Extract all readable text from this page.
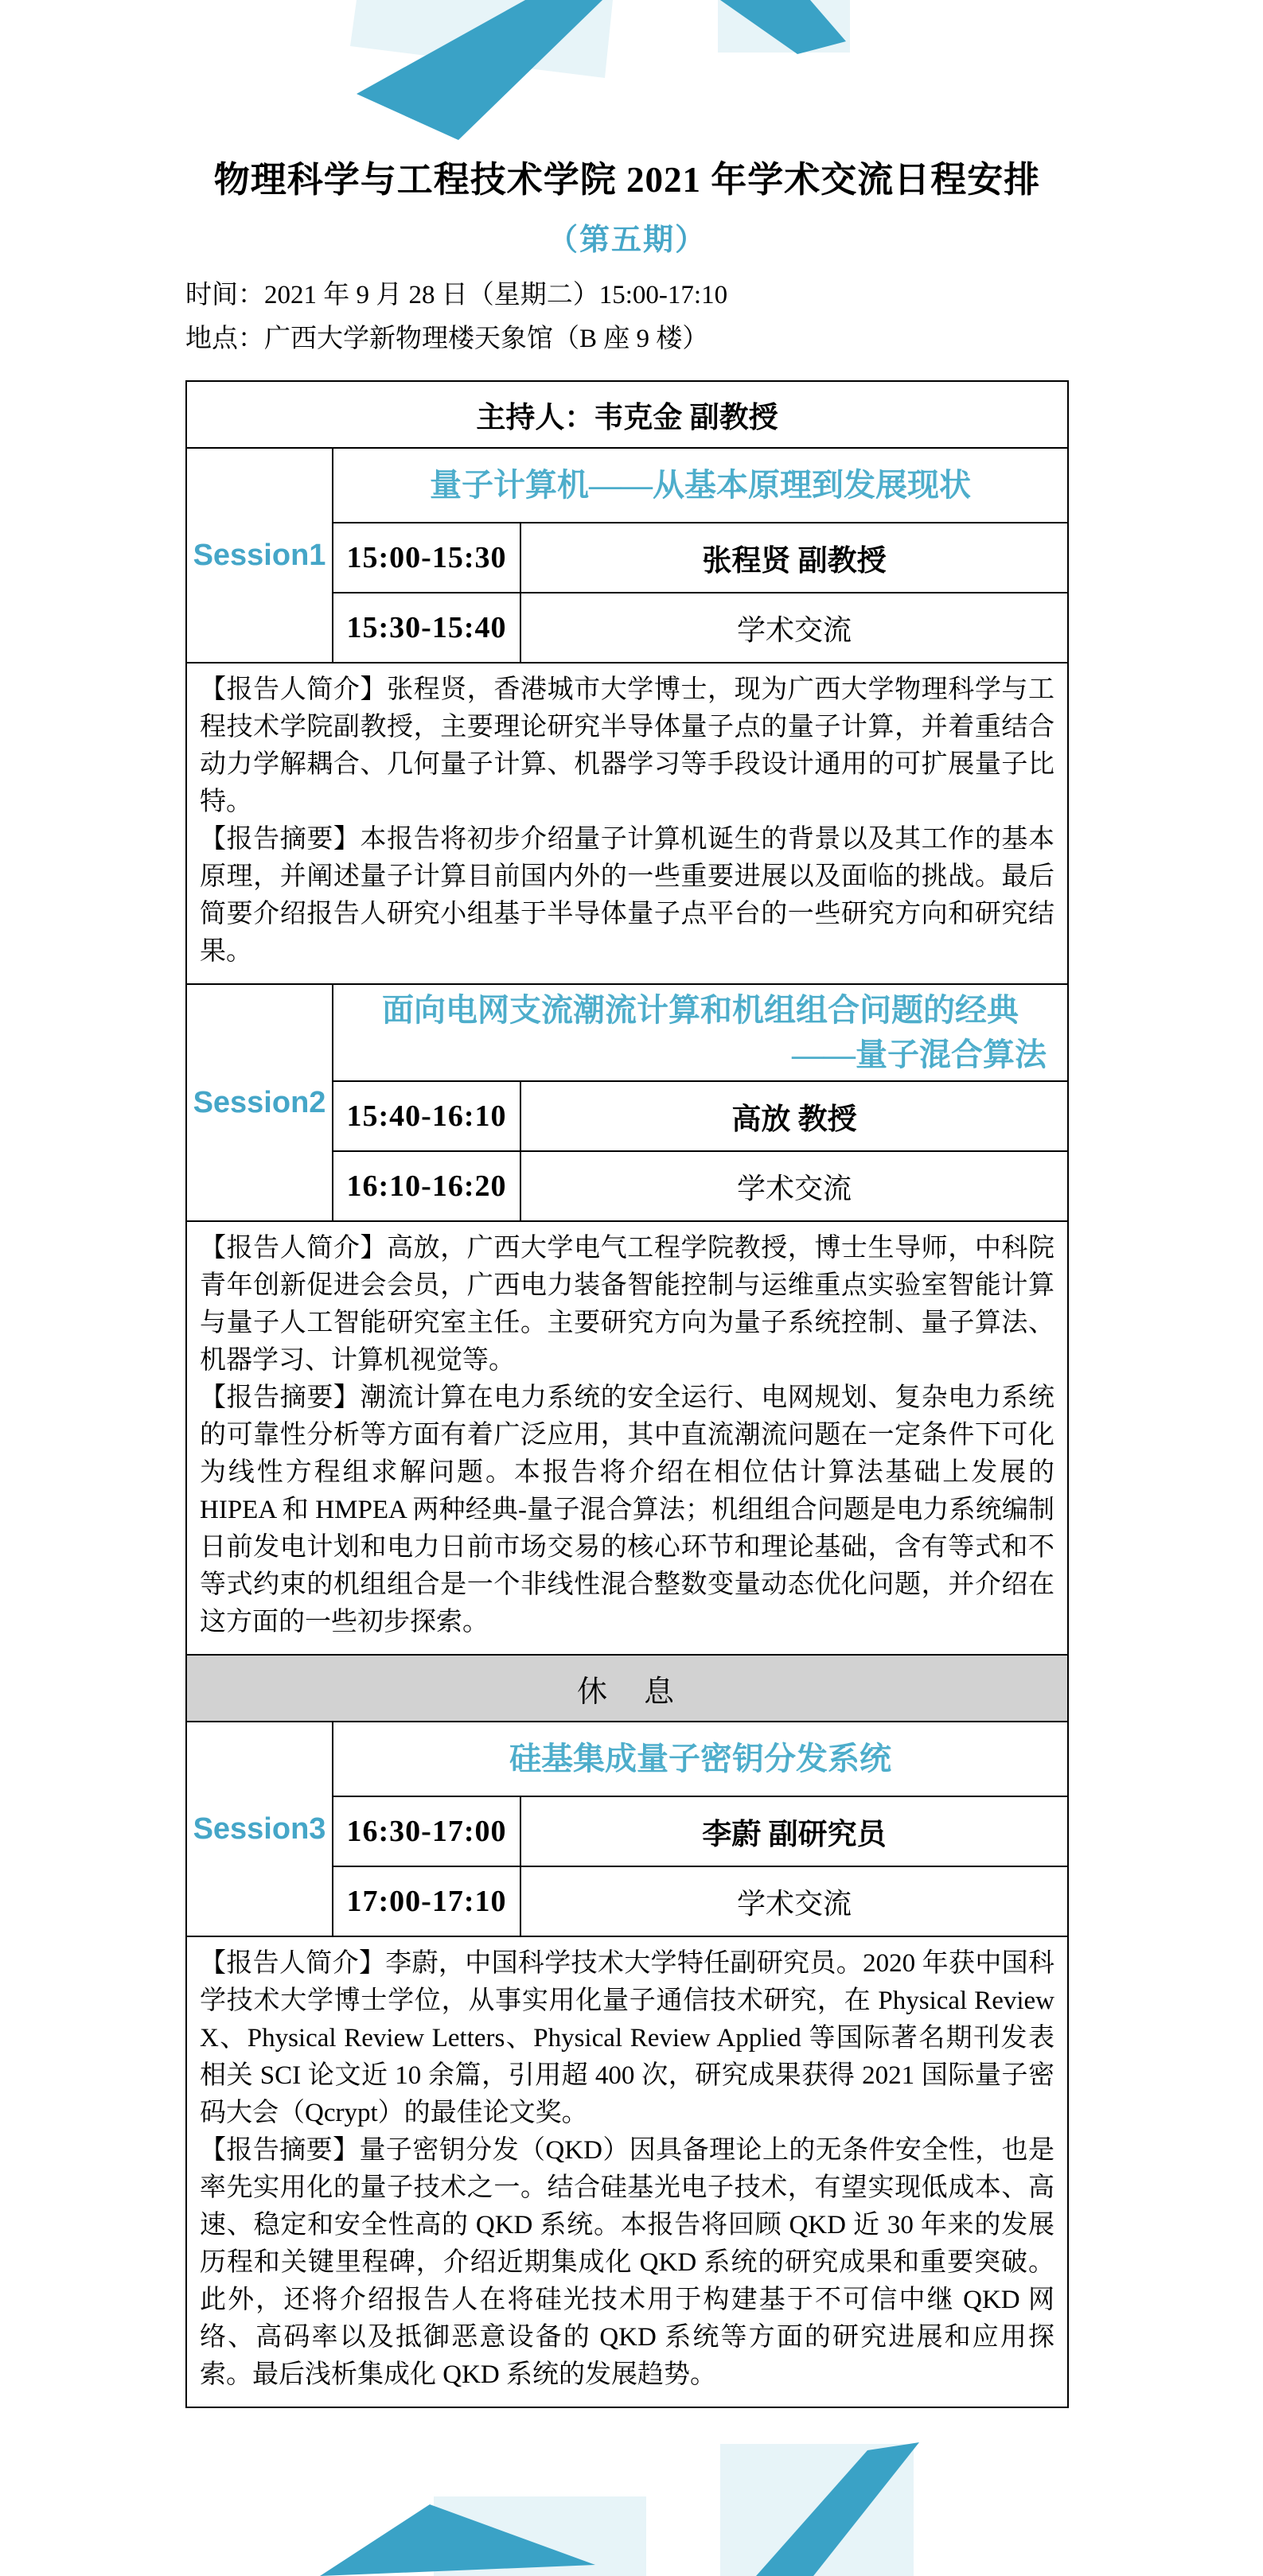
物理科学与工程技术学院 2021 年学术交流日程安排
（第五期）
时间：2021 年 9 月 28 日（星期二）15:00-17:10
地点：广西大学新物理楼天象馆（B 座 9 楼）
主持人：韦克金 副教授		
Session1	量子计算机——从基本原理到发展现状	

	15:00-15:30	张程贤 副教授
	15:30-15:40	学术交流

【报告人简介】张程贤，香港城市大学博士，现为广西大学物理科学与工程技术学院副教授，主要理论研究半导体量子点的量子计算，并着重结合动力学解耦合、几何量子计算、机器学习等手段设计通用的可扩展量子比特。

【报告摘要】本报告将初步介绍量子计算机诞生的背景以及其工作的基本原理，并阐述量子计算目前国内外的一些重要进展以及面临的挑战。最后简要介绍报告人研究小组基于半导体量子点平台的一些研究方向和研究结果。		

Session2	面向电网支流潮流计算和机组组合问题的经典
——量子混合算法	

	15:40-16:10	高放 教授
	16:10-16:20	学术交流

【报告人简介】高放，广西大学电气工程学院教授，博士生导师，中科院青年创新促进会会员，广西电力装备智能控制与运维重点实验室智能计算与量子人工智能研究室主任。主要研究方向为量子系统控制、量子算法、机器学习、计算机视觉等。

【报告摘要】潮流计算在电力系统的安全运行、电网规划、复杂电力系统的可靠性分析等方面有着广泛应用，其中直流潮流问题在一定条件下可化为线性方程组求解问题。本报告将介绍在相位估计算法基础上发展的 HIPEA 和 HMPEA 两种经典-量子混合算法；机组组合问题是电力系统编制日前发电计划和电力日前市场交易的核心环节和理论基础，含有等式和不等式约束的机组组合是一个非线性混合整数变量动态优化问题，并介绍在这方面的一些初步探索。		

休　息		
Session3	硅基集成量子密钥分发系统	

	16:30-17:00	李蔚 副研究员
	17:00-17:10	学术交流

【报告人简介】李蔚，中国科学技术大学特任副研究员。2020 年获中国科学技术大学博士学位，从事实用化量子通信技术研究，在 Physical Review X、Physical Review Letters、Physical Review Applied 等国际著名期刊发表相关 SCI 论文近 10 余篇，引用超 400 次，研究成果获得 2021 国际量子密码大会（Qcrypt）的最佳论文奖。

【报告摘要】量子密钥分发（QKD）因具备理论上的无条件安全性，也是率先实用化的量子技术之一。结合硅基光电子技术，有望实现低成本、高速、稳定和安全性高的 QKD 系统。本报告将回顾 QKD 近 30 年来的发展历程和关键里程碑，介绍近期集成化 QKD 系统的研究成果和重要突破。此外，还将介绍报告人在将硅光技术用于构建基于不可信中继 QKD 网络、高码率以及抵御恶意设备的 QKD 系统等方面的研究进展和应用探索。最后浅析集成化 QKD 系统的发展趋势。		
